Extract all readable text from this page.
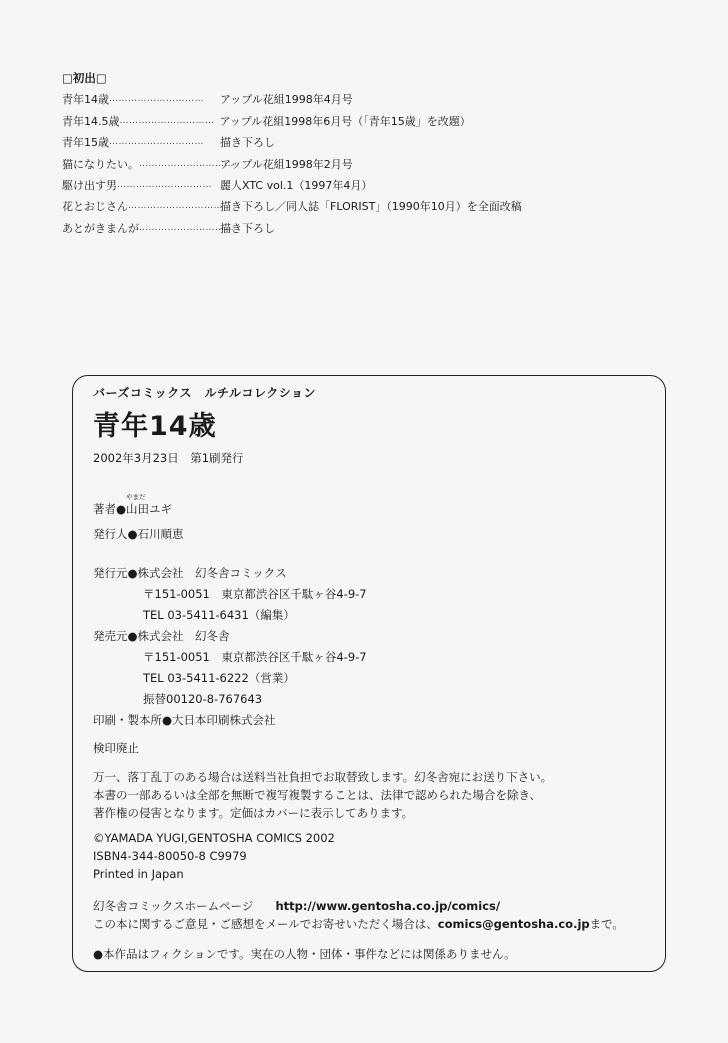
□初出□
青年14歳 …………………………	アップル花組1998年4月号
青年14.5歳 ………………………… アップル花組1998年6月号（「青年15歳」を改題）
青年15歳 …………………………	描き下ろし
猫になりたい。 …………………………
アップル花組1998年2月号
駆け出す男 ………………………… 麗人XTC vol.1（1997年4月）
花とおじさん …………………………
描き下ろし／同人誌「FLORIST」（1990年10月）を全面改稿
あとがきまんが …………………………
描き下ろし
バーズコミックス　ルチルコレクション
青年14歳
2002年3月23日　第1刷発行
著者●
やまだ
山田ユギ
発行人●石川順恵
発行元●株式会社　幻冬舎コミックス
〒151-0051　東京都渋谷区千駄ヶ谷4-9-7
TEL 03-5411-6431（編集）
発売元●株式会社　幻冬舎
〒151-0051　東京都渋谷区千駄ヶ谷4-9-7
TEL 03-5411-6222（営業）
振替00120-8-767643
印刷・製本所●大日本印刷株式会社
検印廃止
万一、落丁乱丁のある場合は送料当社負担でお取替致します。幻冬舎宛にお送り下さい。
本書の一部あるいは全部を無断で複写複製することは、法律で認められた場合を除き、
著作権の侵害となります。定価はカバーに表示してあります。
©YAMADA YUGI,GENTOSHA COMICS 2002
ISBN4-344-80050-8 C9979
Printed in Japan
幻冬舎コミックスホームページ http://www.gentosha.co.jp/comics/
この本に関するご意見・ご感想をメールでお寄せいただく場合は、comics@gentosha.co.jpまで。
●本作品はフィクションです。実在の人物・団体・事件などには関係ありません。
